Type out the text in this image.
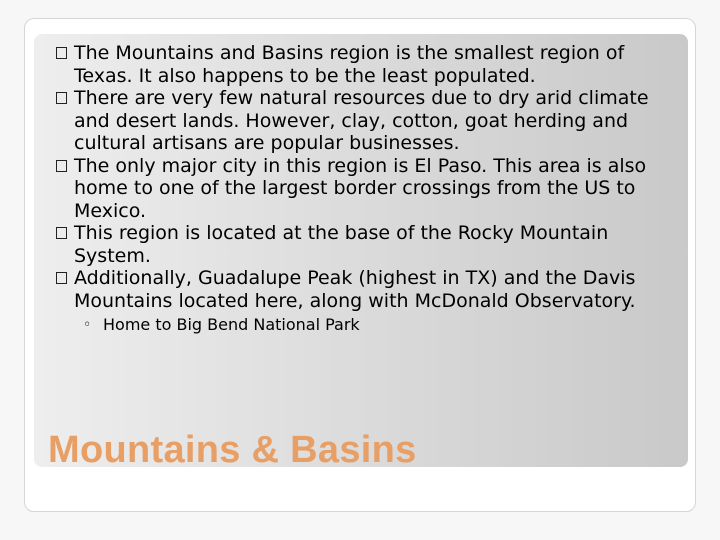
The Mountains and Basins region is the smallest region of Texas. It also happens to be the least populated.
There are very few natural resources due to dry arid climate and desert lands. However, clay, cotton, goat herding and cultural artisans are popular businesses.
The only major city in this region is El Paso. This area is also home to one of the largest border crossings from the US to Mexico.
This region is located at the base of the Rocky Mountain System.
Additionally, Guadalupe Peak (highest in TX) and the Davis Mountains located here, along with McDonald Observatory.
◦ Home to Big Bend National Park
Mountains & Basins
